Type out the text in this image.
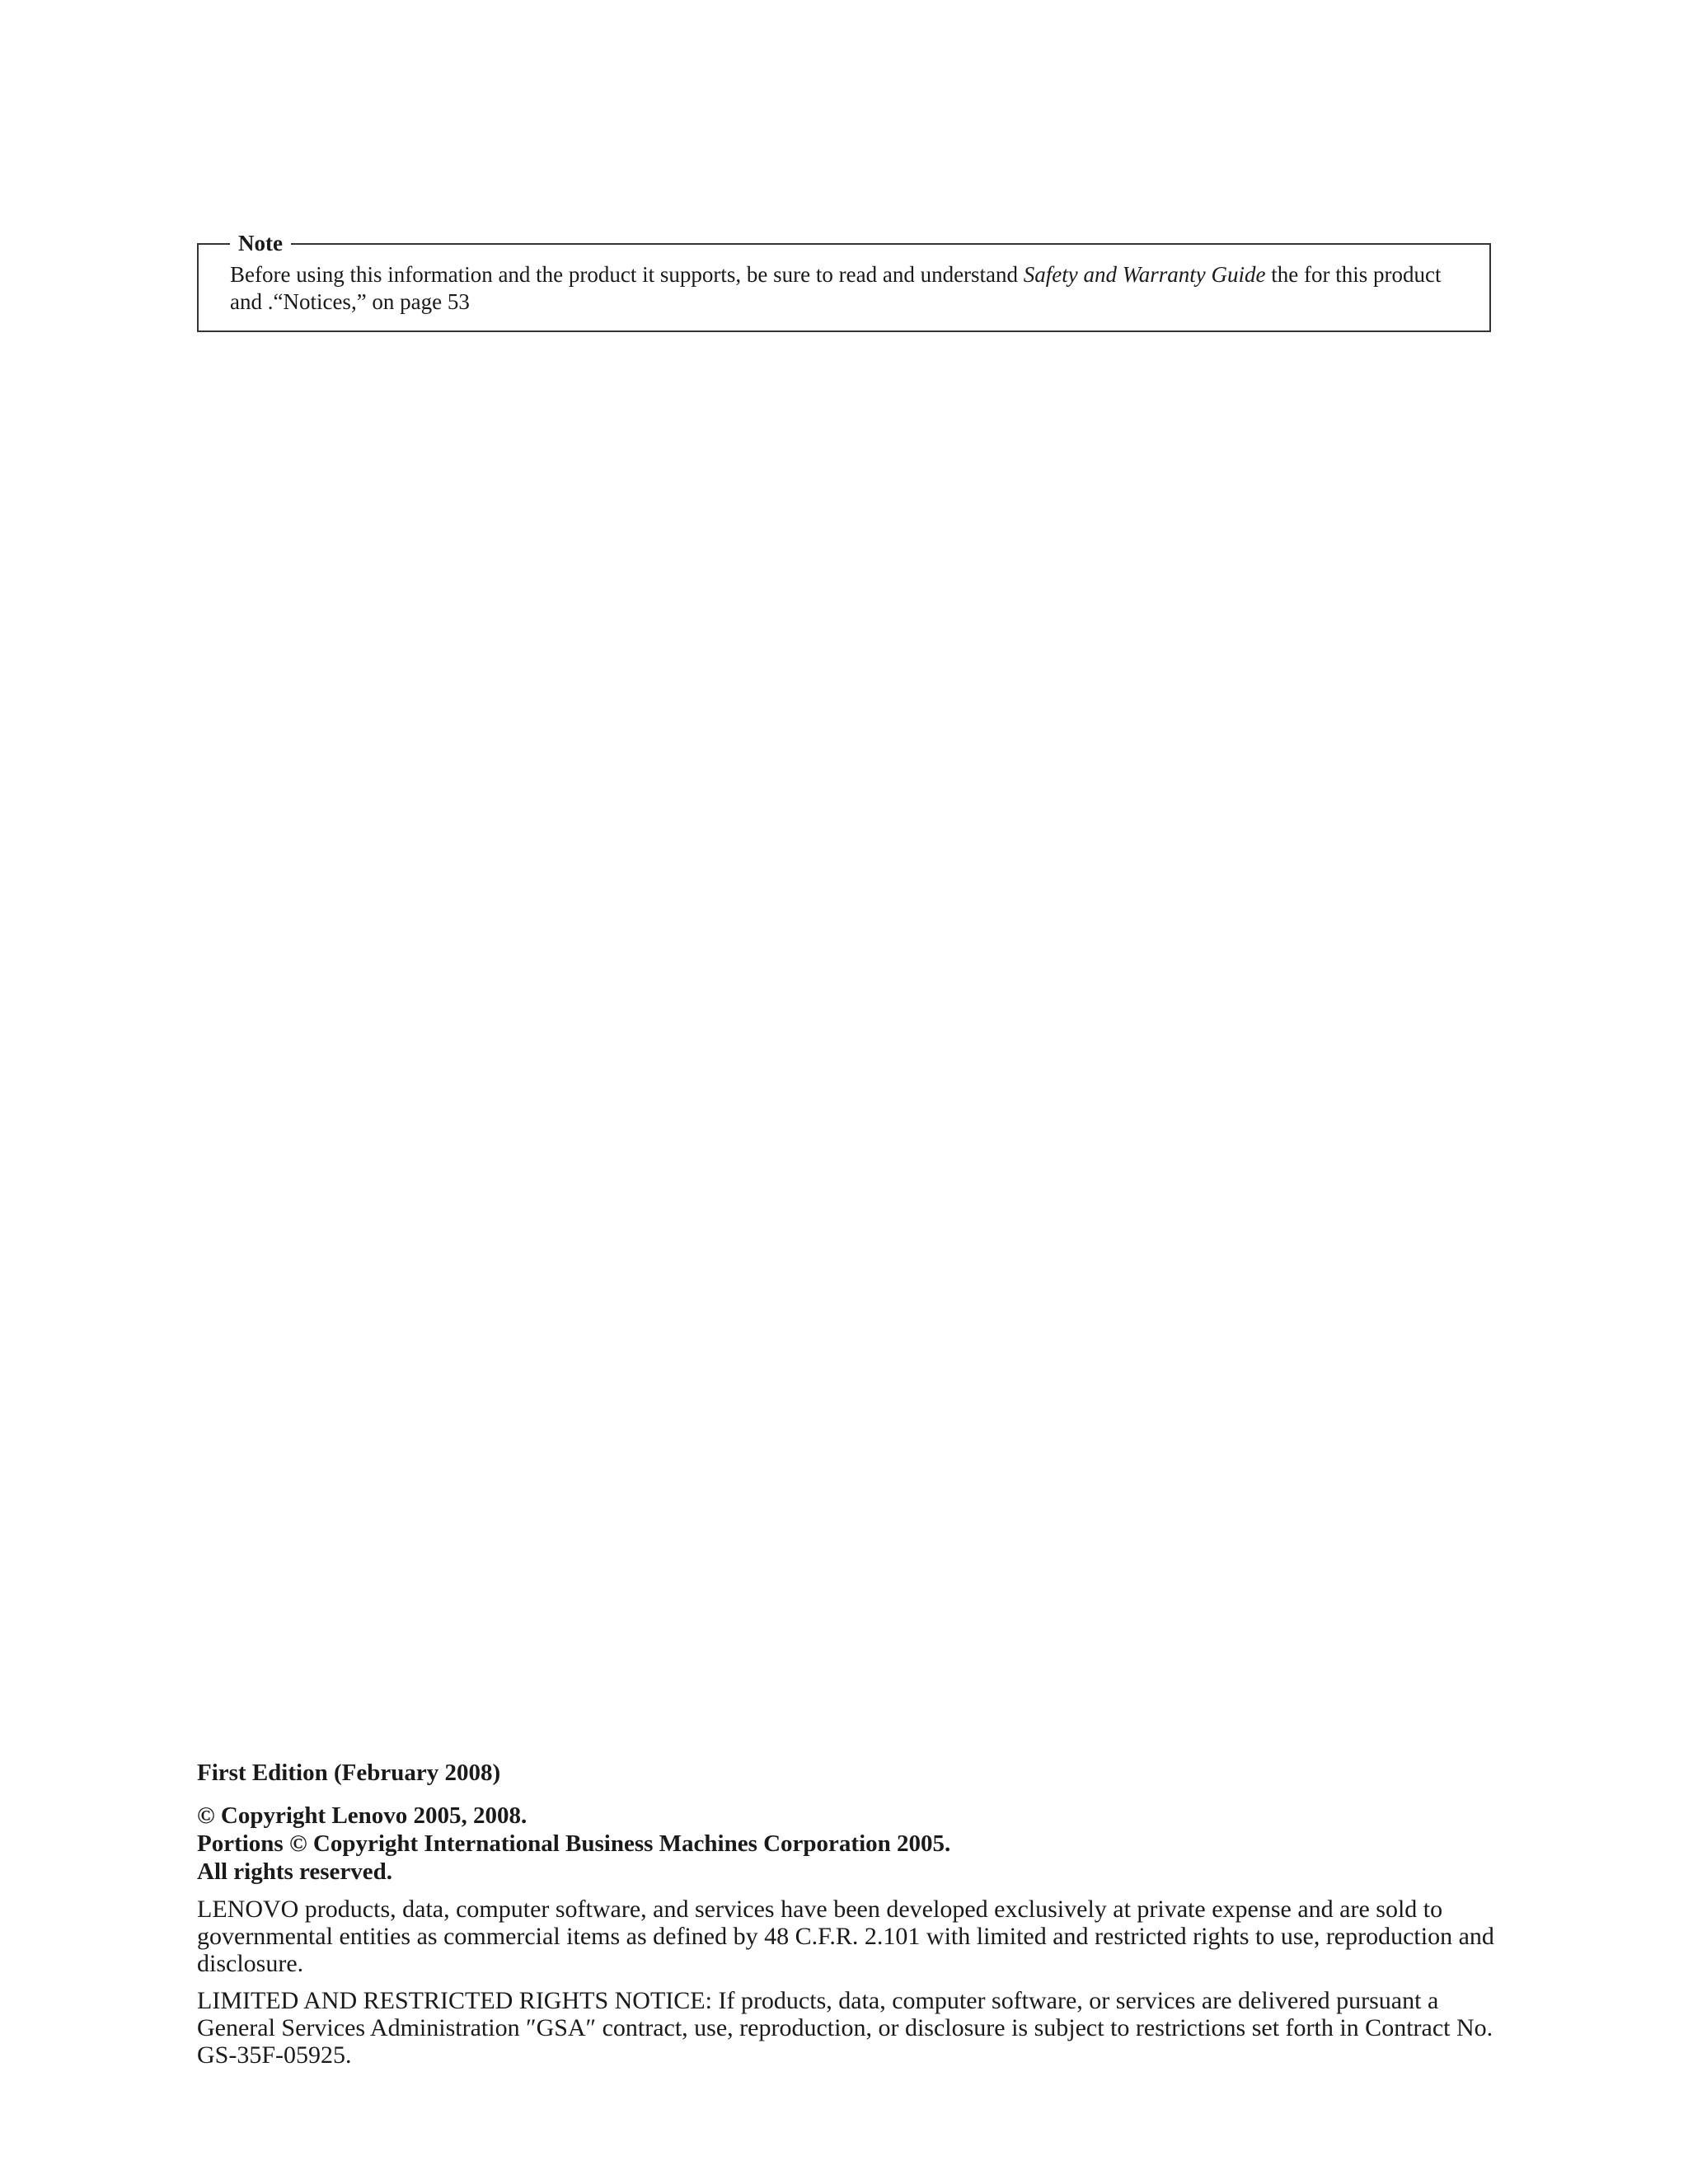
Note
Before using this information and the product it supports, be sure to read and understand Safety and Warranty Guide the for this product and .“Notices,” on page 53
First Edition (February 2008)
© Copyright Lenovo 2005, 2008.
Portions © Copyright International Business Machines Corporation 2005.
All rights reserved.
LENOVO products, data, computer software, and services have been developed exclusively at private expense and are sold to governmental entities as commercial items as defined by 48 C.F.R. 2.101 with limited and restricted rights to use, reproduction and disclosure.
LIMITED AND RESTRICTED RIGHTS NOTICE: If products, data, computer software, or services are delivered pursuant a General Services Administration ″GSA″ contract, use, reproduction, or disclosure is subject to restrictions set forth in Contract No. GS-35F-05925.
